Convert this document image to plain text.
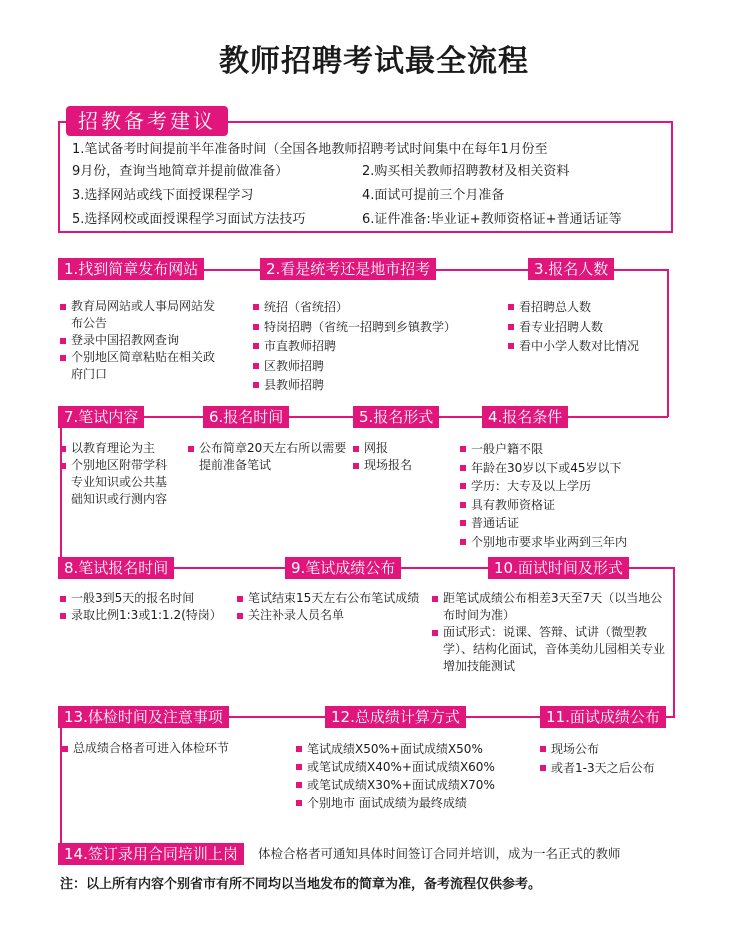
教师招聘考试最全流程
招教备考建议
1.笔试备考时间提前半年准备时间（全国各地教师招聘考试时间集中在每年1月份至
9月份，查询当地简章并提前做准备）	2.购买相关教师招聘教材及相关资料
3.选择网站或线下面授课程学习	4.面试可提前三个月准备
5.选择网校或面授课程学习面试方法技巧	6.证件准备:毕业证+教师资格证+普通话证等
1.找到简章发布网站	2.看是统考还是地市招考	3.报名人数
教育局网站或人事局网站发布公告
登录中国招教网查询
个别地区简章粘贴在相关政府门口
统招（省统招）
特岗招聘（省统一招聘到乡镇教学）
市直教师招聘
区教师招聘
县教师招聘
看招聘总人数
看专业招聘人数
看中小学人数对比情况
7.笔试内容	6.报名时间	5.报名形式	4.报名条件
以教育理论为主
个别地区附带学科专业知识或公共基础知识或行测内容
公布简章20天左右所以需要提前准备笔试
网报
现场报名
一般户籍不限
年龄在30岁以下或45岁以下
学历：大专及以上学历
具有教师资格证
普通话证
个别地市要求毕业两到三年内
8.笔试报名时间	9.笔试成绩公布	10.面试时间及形式
一般3到5天的报名时间
录取比例1:3或1:1.2(特岗）
笔试结束15天左右公布笔试成绩
关注补录人员名单
距笔试成绩公布相差3天至7天（以当地公布时间为准）
面试形式：说课、答辩、试讲（微型教学）、结构化面试，音体美幼儿园相关专业增加技能测试
13.体检时间及注意事项	12.总成绩计算方式	11.面试成绩公布
总成绩合格者可进入体检环节	笔试成绩X50%+面试成绩X50%
或笔试成绩X40%+面试成绩X60%
或笔试成绩X30%+面试成绩X70%
个别地市 面试成绩为最终成绩
现场公布
或者1-3天之后公布
14.签订录用合同培训上岗	体检合格者可通知具体时间签订合同并培训，成为一名正式的教师
注：以上所有内容个别省市有所不同均以当地发布的简章为准，备考流程仅供参考。
